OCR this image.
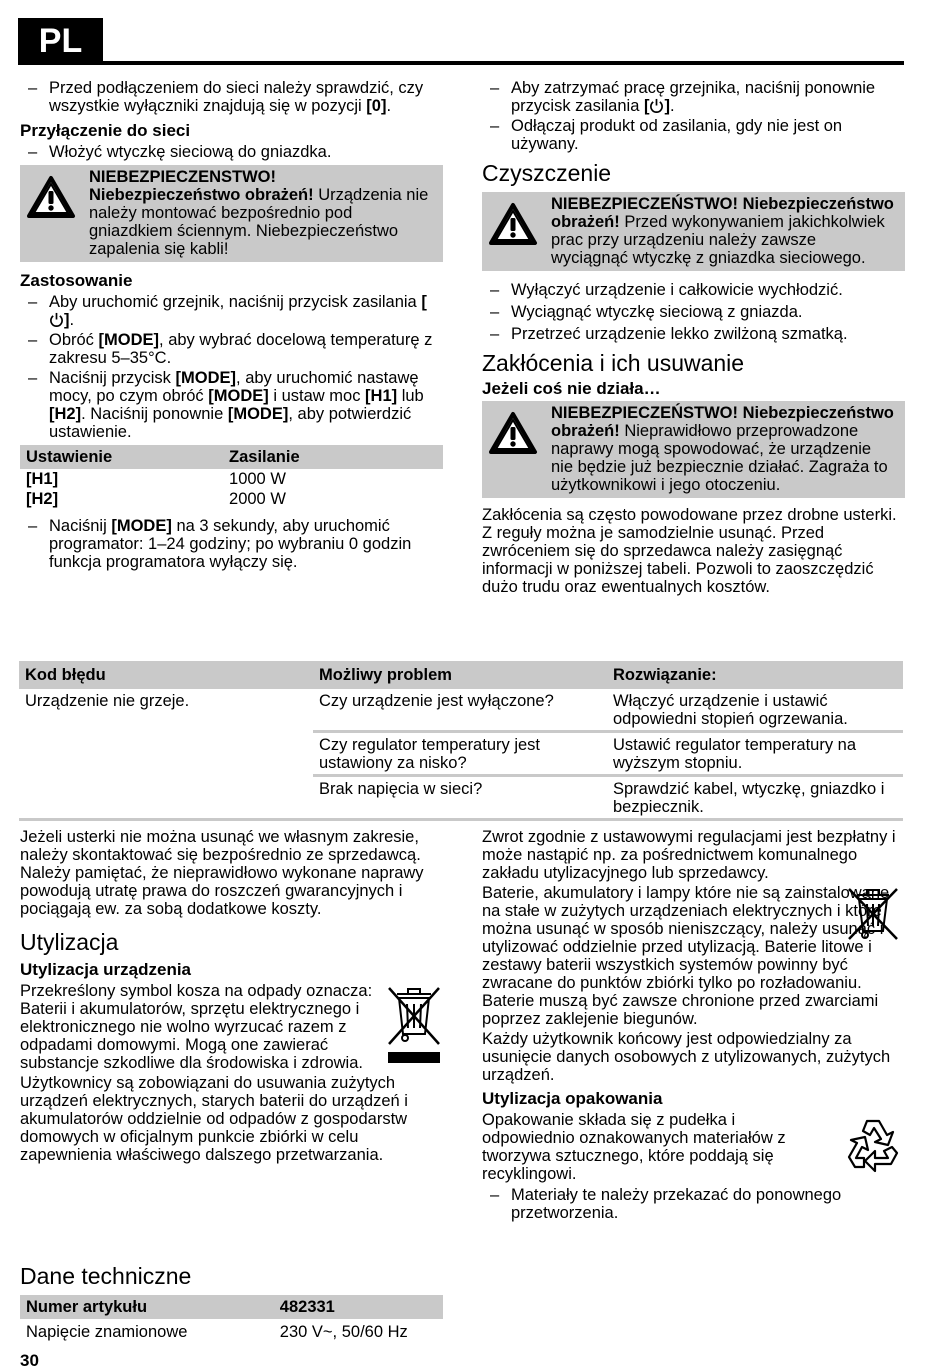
PL
– Przed podłączeniem do sieci należy sprawdzić, czy wszystkie wyłączniki znajdują się w pozycji [0].
Przyłączenie do sieci
– Włożyć wtyczkę sieciową do gniazdka.
NIEBEZPIECZENSTWO! Niebezpieczeństwo obrażeń! Urządzenia nie należy montować bezpośrednio pod gniazdkiem ściennym. Niebezpieczeństwo zapalenia się kabli!
Zastosowanie
– Aby uruchomić grzejnik, naciśnij przycisk zasilania [].
– Obróć [MODE], aby wybrać docelową temperaturę z zakresu 5–35°C.
– Naciśnij przycisk [MODE], aby uruchomić nastawę mocy, po czym obróć [MODE] i ustaw moc [H1] lub [H2]. Naciśnij ponownie [MODE], aby potwierdzić ustawienie.
Ustawienie	Zasilanie
[H1]	1000 W
[H2]	2000 W
– Naciśnij [MODE] na 3 sekundy, aby uruchomić programator: 1–24 godziny; po wybraniu 0 godzin funkcja programatora wyłączy się.
– Aby zatrzymać pracę grzejnika, naciśnij ponownie przycisk zasilania [ ].
– Odłączaj produkt od zasilania, gdy nie jest on używany.
Czyszczenie
NIEBEZPIECZEŃSTWO! Niebezpieczeństwo obrażeń! Przed wykonywaniem jakichkolwiek prac przy urządzeniu należy zawsze wyciągnąć wtyczkę z gniazdka sieciowego.
– Wyłączyć urządzenie i całkowicie wychłodzić.
– Wyciągnąć wtyczkę sieciową z gniazda.
– Przetrzeć urządzenie lekko zwilżoną szmatką.
Zakłócenia i ich usuwanie
Jeżeli coś nie działa…
NIEBEZPIECZEŃSTWO! Niebezpieczeństwo obrażeń! Nieprawidłowo przeprowadzone naprawy mogą spowodować, że urządzenie nie będzie już bezpiecznie działać. Zagraża to użytkownikowi i jego otoczeniu.

Zakłócenia są często powodowane przez drobne usterki. Z reguły można je samodzielnie usunąć. Przed zwróceniem się do sprzedawca należy zasięgnąć informacji w poniższej tabeli. Pozwoli to zaoszczędzić dużo trudu oraz ewentualnych kosztów.

Kod błędu	Możliwy problem	Rozwiązanie:
Urządzenie nie grzeje.	Czy urządzenie jest wyłączone?	Włączyć urządzenie i ustawić odpowiedni stopień ogrzewania.
	Czy regulator temperatury jest ustawiony za nisko?	Ustawić regulator temperatury na wyższym stopniu.
	Brak napięcia w sieci?	Sprawdzić kabel, wtyczkę, gniazdko i bezpiecznik.

Jeżeli usterki nie można usunąć we własnym zakresie, należy skontaktować się bezpośrednio ze sprzedawcą. Należy pamiętać, że nieprawidłowo wykonane naprawy powodują utratę prawa do roszczeń gwarancyjnych i pociągają ew. za sobą dodatkowe koszty.

Utylizacja
Utylizacja urządzenia

Przekreślony symbol kosza na odpady oznacza: Baterii i akumulatorów, sprzętu elektrycznego i elektronicznego nie wolno wyrzucać razem z odpadami domowymi. Mogą one zawierać substancje szkodliwe dla środowiska i zdrowia.

Użytkownicy są zobowiązani do usuwania zużytych urządzeń elektrycznych, starych baterii do urządzeń i akumulatorów oddzielnie od odpadów z gospodarstw domowych w oficjalnym punkcie zbiórki w celu zapewnienia właściwego dalszego przetwarzania.

Dane techniczne
Numer artykułu	482331
Napięcie znamionowe	230 V~, 50/60 Hz

Zwrot zgodnie z ustawowymi regulacjami jest bezpłatny i może nastąpić np. za pośrednictwem komunalnego zakładu utylizacyjnego lub sprzedawcy.

Baterie, akumulatory i lampy które nie są zainstalowane na stałe w zużytych urządzeniach elektrycznych i które można usunąć w sposób nieniszczący, należy usunąć i utylizować oddzielnie przed utylizacją. Baterie litowe i zestawy baterii wszystkich systemów powinny być zwracane do punktów zbiórki tylko po rozładowaniu. Baterie muszą być zawsze chronione przed zwarciami poprzez zaklejenie biegunów.

Każdy użytkownik końcowy jest odpowiedzialny za usunięcie danych osobowych z utylizowanych, zużytych urządzeń.

Utylizacja opakowania

Opakowanie składa się z pudełka i odpowiednio oznakowanych materiałów z tworzywa sztucznego, które poddają się recyklingowi.

– Materiały te należy przekazać do ponownego przetworzenia.
30
